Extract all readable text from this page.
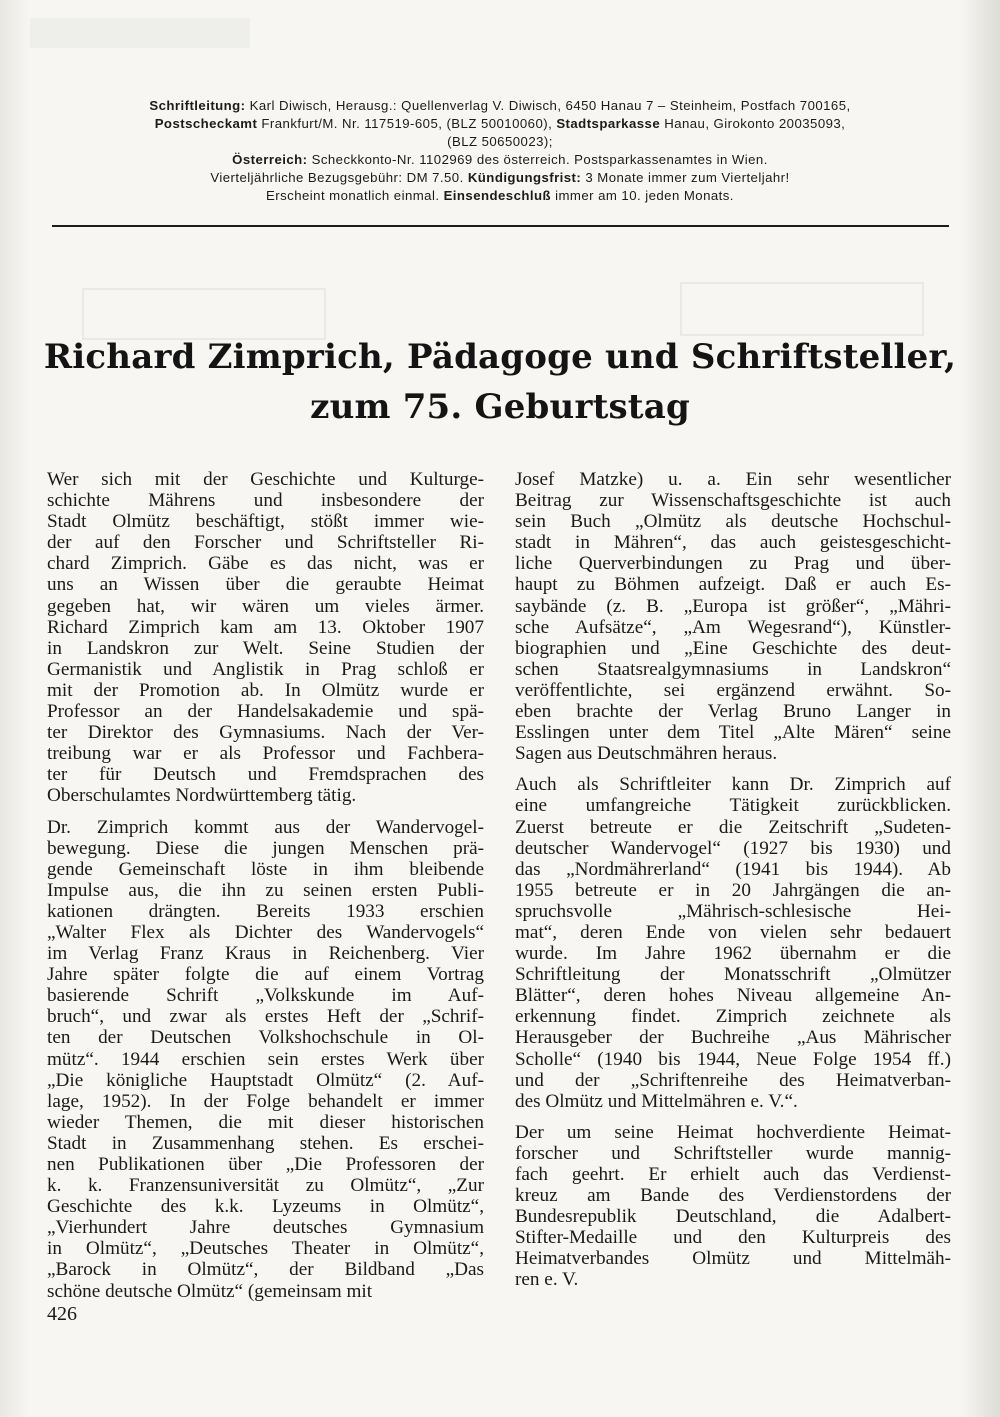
Schriftleitung: Karl Diwisch, Herausg.: Quellenverlag V. Diwisch, 6450 Hanau 7 – Steinheim, Postfach 700165,
Postscheckamt Frankfurt/M. Nr. 117519-605, (BLZ 50010060), Stadtsparkasse Hanau, Girokonto 20035093,
(BLZ 50650023);
Österreich: Scheckkonto-Nr. 1102969 des österreich. Postsparkassenamtes in Wien.
Vierteljährliche Bezugsgebühr: DM 7.50. Kündigungsfrist: 3 Monate immer zum Vierteljahr!
Erscheint monatlich einmal. Einsendeschluß immer am 10. jeden Monats.
Richard Zimprich, Pädagoge und Schriftsteller,
zum 75. Geburtstag
Wer sich mit der Geschichte und Kulturge-
schichte Mährens und insbesondere der
Stadt Olmütz beschäftigt, stößt immer wie-
der auf den Forscher und Schriftsteller Ri-
chard Zimprich. Gäbe es das nicht, was er
uns an Wissen über die geraubte Heimat
gegeben hat, wir wären um vieles ärmer.
Richard Zimprich kam am 13. Oktober 1907
in Landskron zur Welt. Seine Studien der
Germanistik und Anglistik in Prag schloß er
mit der Promotion ab. In Olmütz wurde er
Professor an der Handelsakademie und spä-
ter Direktor des Gymnasiums. Nach der Ver-
treibung war er als Professor und Fachbera-
ter für Deutsch und Fremdsprachen des
Oberschulamtes Nordwürttemberg tätig.
Dr. Zimprich kommt aus der Wandervogel-
bewegung. Diese die jungen Menschen prä-
gende Gemeinschaft löste in ihm bleibende
Impulse aus, die ihn zu seinen ersten Publi-
kationen drängten. Bereits 1933 erschien
„Walter Flex als Dichter des Wandervogels“
im Verlag Franz Kraus in Reichenberg. Vier
Jahre später folgte die auf einem Vortrag
basierende Schrift „Volkskunde im Auf-
bruch“, und zwar als erstes Heft der „Schrif-
ten der Deutschen Volkshochschule in Ol-
mütz“. 1944 erschien sein erstes Werk über
„Die königliche Hauptstadt Olmütz“ (2. Auf-
lage, 1952). In der Folge behandelt er immer
wieder Themen, die mit dieser historischen
Stadt in Zusammenhang stehen. Es erschei-
nen Publikationen über „Die Professoren der
k. k. Franzensuniversität zu Olmütz“, „Zur
Geschichte des k.k. Lyzeums in Olmütz“,
„Vierhundert Jahre deutsches Gymnasium
in Olmütz“, „Deutsches Theater in Olmütz“,
„Barock in Olmütz“, der Bildband „Das
schöne deutsche Olmütz“ (gemeinsam mit
Josef Matzke) u. a. Ein sehr wesentlicher
Beitrag zur Wissenschaftsgeschichte ist auch
sein Buch „Olmütz als deutsche Hochschul-
stadt in Mähren“, das auch geistesgeschicht-
liche Querverbindungen zu Prag und über-
haupt zu Böhmen aufzeigt. Daß er auch Es-
saybände (z. B. „Europa ist größer“, „Mähri-
sche Aufsätze“, „Am Wegesrand“), Künstler-
biographien und „Eine Geschichte des deut-
schen Staatsrealgymnasiums in Landskron“
veröffentlichte, sei ergänzend erwähnt. So-
eben brachte der Verlag Bruno Langer in
Esslingen unter dem Titel „Alte Mären“ seine
Sagen aus Deutschmähren heraus.
Auch als Schriftleiter kann Dr. Zimprich auf
eine umfangreiche Tätigkeit zurückblicken.
Zuerst betreute er die Zeitschrift „Sudeten-
deutscher Wandervogel“ (1927 bis 1930) und
das „Nordmährerland“ (1941 bis 1944). Ab
1955 betreute er in 20 Jahrgängen die an-
spruchsvolle „Mährisch-schlesische Hei-
mat“, deren Ende von vielen sehr bedauert
wurde. Im Jahre 1962 übernahm er die
Schriftleitung der Monatsschrift „Olmützer
Blätter“, deren hohes Niveau allgemeine An-
erkennung findet. Zimprich zeichnete als
Herausgeber der Buchreihe „Aus Mährischer
Scholle“ (1940 bis 1944, Neue Folge 1954 ff.)
und der „Schriftenreihe des Heimatverban-
des Olmütz und Mittelmähren e. V.“.
Der um seine Heimat hochverdiente Heimat-
forscher und Schriftsteller wurde mannig-
fach geehrt. Er erhielt auch das Verdienst-
kreuz am Bande des Verdienstordens der
Bundesrepublik Deutschland, die Adalbert-
Stifter-Medaille und den Kulturpreis des
Heimatverbandes Olmütz und Mittelmäh-
ren e. V.
426
